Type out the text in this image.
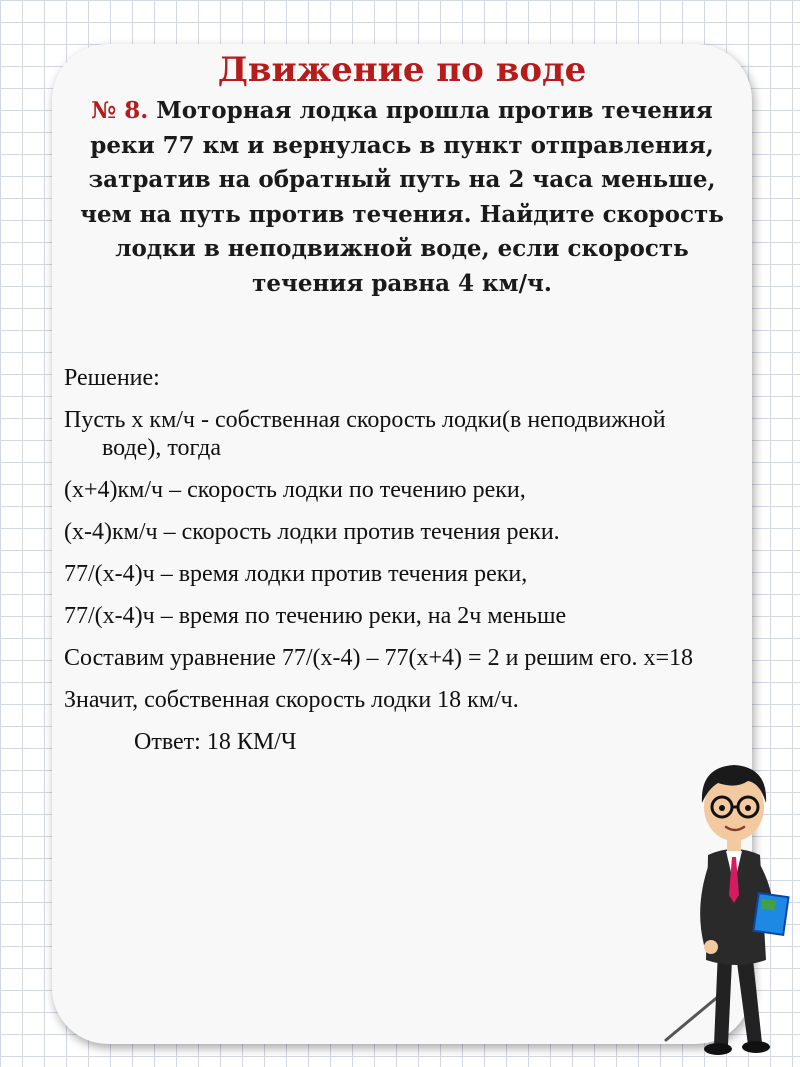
Движение по воде
№ 8. Моторная лодка прошла против течения реки 77 км и вернулась в пункт отправления, затратив на обратный путь на 2 часа меньше, чем на путь против течения. Найдите скорость лодки в неподвижной воде, если скорость течения равна 4 км/ч.
Решение:
Пусть х км/ч - собственная скорость лодки(в неподвижной воде), тогда
(х+4)км/ч – скорость лодки по течению реки,
(х-4)км/ч – скорость лодки против течения реки.
77/(х-4)ч – время лодки против течения реки,
77/(х-4)ч – время по течению реки, на 2ч меньше
Составим уравнение 77/(х-4) – 77(х+4) = 2 и решим его. х=18
Значит, собственная скорость лодки 18 км/ч.
Ответ: 18 КМ/Ч
